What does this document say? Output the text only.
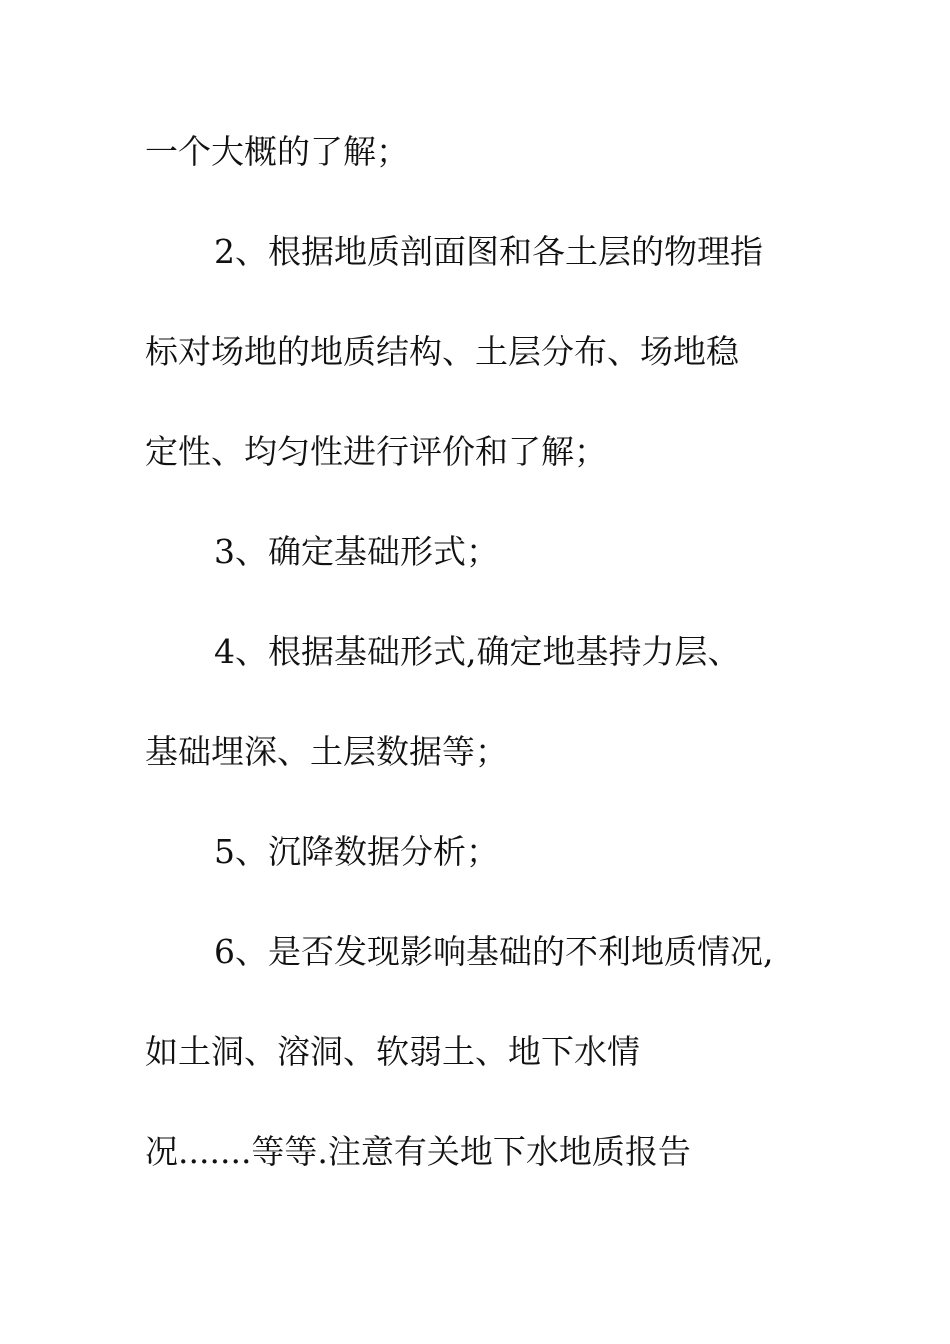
一个大概的了解；
2、根据地质剖面图和各土层的物理指
标对场地的地质结构、土层分布、场地稳
定性、均匀性进行评价和了解；
3、确定基础形式；
4、根据基础形式,确定地基持力层、
基础埋深、土层数据等；
5、沉降数据分析；
6、是否发现影响基础的不利地质情况,
如土洞、溶洞、软弱土、地下水情
况.......等等.注意有关地下水地质报告
